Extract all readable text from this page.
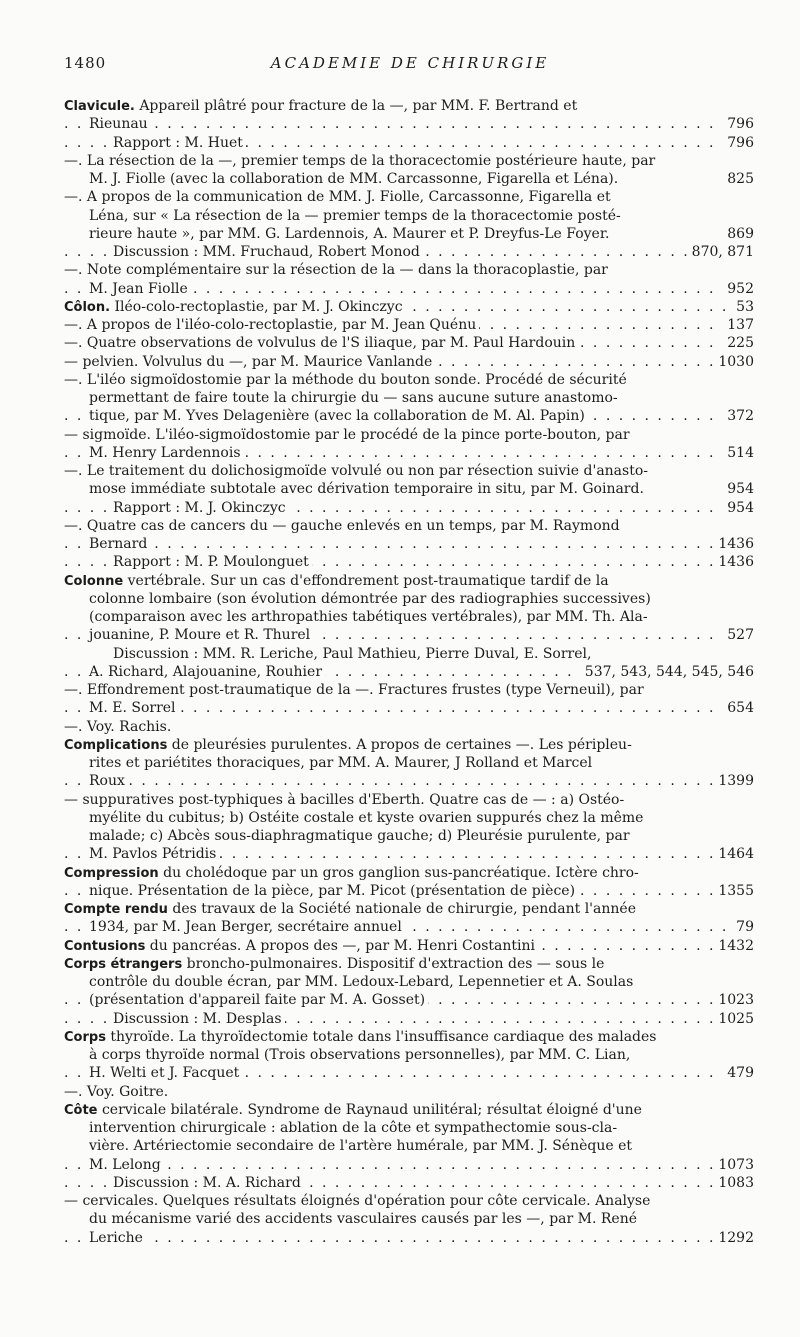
1480	ACADEMIE DE CHIRURGIE
Clavicule. Appareil plâtré pour fracture de la —, par MM. F. Bertrand et
. . . Rieunau	796
. . . Rapport : M. Huet	796
—. La résection de la —, premier temps de la thoracectomie postérieure haute, par
M. J. Fiolle (avec la collaboration de MM. Carcassonne, Figarella et Léna).	825
—. A propos de la communication de MM. J. Fiolle, Carcassonne, Figarella et
Léna, sur « La résection de la — premier temps de la thoracectomie posté-
rieure haute », par MM. G. Lardennois, A. Maurer et P. Dreyfus-Le Foyer.	869
. . . Discussion : MM. Fruchaud, Robert Monod	870, 871
—. Note complémentaire sur la résection de la — dans la thoracoplastie, par
. . . M. Jean Fiolle	952
. . . Côlon. Iléo-colo-rectoplastie, par M. J. Okinczyc	53
. . . —. A propos de l'iléo-colo-rectoplastie, par M. Jean Quénu	137
. . . —. Quatre observations de volvulus de l'S iliaque, par M. Paul Hardouin	225
. . . — pelvien. Volvulus du —, par M. Maurice Vanlande	1030
—. L'iléo sigmoïdostomie par la méthode du bouton sonde. Procédé de sécurité
permettant de faire toute la chirurgie du — sans aucune suture anastomo-
. . . tique, par M. Yves Delagenière (avec la collaboration de M. Al. Papin)	372
— sigmoïde. L'iléo-sigmoïdostomie par le procédé de la pince porte-bouton, par
. . . M. Henry Lardennois	514
—. Le traitement du dolichosigmoïde volvulé ou non par résection suivie d'anasto-
mose immédiate subtotale avec dérivation temporaire in situ, par M. Goinard.	954
. . . Rapport : M. J. Okinczyc	954
—. Quatre cas de cancers du — gauche enlevés en un temps, par M. Raymond
. . . Bernard	1436
. . . Rapport : M. P. Moulonguet	1436
Colonne vertébrale. Sur un cas d'effondrement post-traumatique tardif de la
colonne lombaire (son évolution démontrée par des radiographies successives)
(comparaison avec les arthropathies tabétiques vertébrales), par MM. Th. Ala-
. . . jouanine, P. Moure et R. Thurel	527
Discussion : MM. R. Leriche, Paul Mathieu, Pierre Duval, E. Sorrel,
. . . A. Richard, Alajouanine, Rouhier	537, 543, 544, 545, 546
—. Effondrement post-traumatique de la —. Fractures frustes (type Verneuil), par
. . . M. E. Sorrel	654
—. Voy. Rachis.
Complications de pleurésies purulentes. A propos de certaines —. Les péripleu-
rites et pariétites thoraciques, par MM. A. Maurer, J Rolland et Marcel
. . . Roux	1399
— suppuratives post-typhiques à bacilles d'Eberth. Quatre cas de — : a) Ostéo-
myélite du cubitus; b) Ostéite costale et kyste ovarien suppurés chez la même
malade; c) Abcès sous-diaphragmatique gauche; d) Pleurésie purulente, par
. . . M. Pavlos Pétridis	1464
Compression du cholédoque par un gros ganglion sus-pancréatique. Ictère chro-
. . . nique. Présentation de la pièce, par M. Picot (présentation de pièce)	1355
Compte rendu des travaux de la Société nationale de chirurgie, pendant l'année
. . . 1934, par M. Jean Berger, secrétaire annuel	79
. . . Contusions du pancréas. A propos des —, par M. Henri Costantini	1432
Corps étrangers broncho-pulmonaires. Dispositif d'extraction des — sous le
contrôle du double écran, par MM. Ledoux-Lebard, Lepennetier et A. Soulas
. . . (présentation d'appareil faite par M. A. Gosset)	1023
. . . Discussion : M. Desplas	1025
Corps thyroïde. La thyroïdectomie totale dans l'insuffisance cardiaque des malades
à corps thyroïde normal (Trois observations personnelles), par MM. C. Lian,
. . . H. Welti et J. Facquet	479
—. Voy. Goitre.
Côte cervicale bilatérale. Syndrome de Raynaud unilitéral; résultat éloigné d'une
intervention chirurgicale : ablation de la côte et sympathectomie sous-cla-
vière. Artériectomie secondaire de l'artère humérale, par MM. J. Sénèque et
. . . M. Lelong	1073
. . . Discussion : M. A. Richard	1083
— cervicales. Quelques résultats éloignés d'opération pour côte cervicale. Analyse
du mécanisme varié des accidents vasculaires causés par les —, par M. René
. . . Leriche	1292
